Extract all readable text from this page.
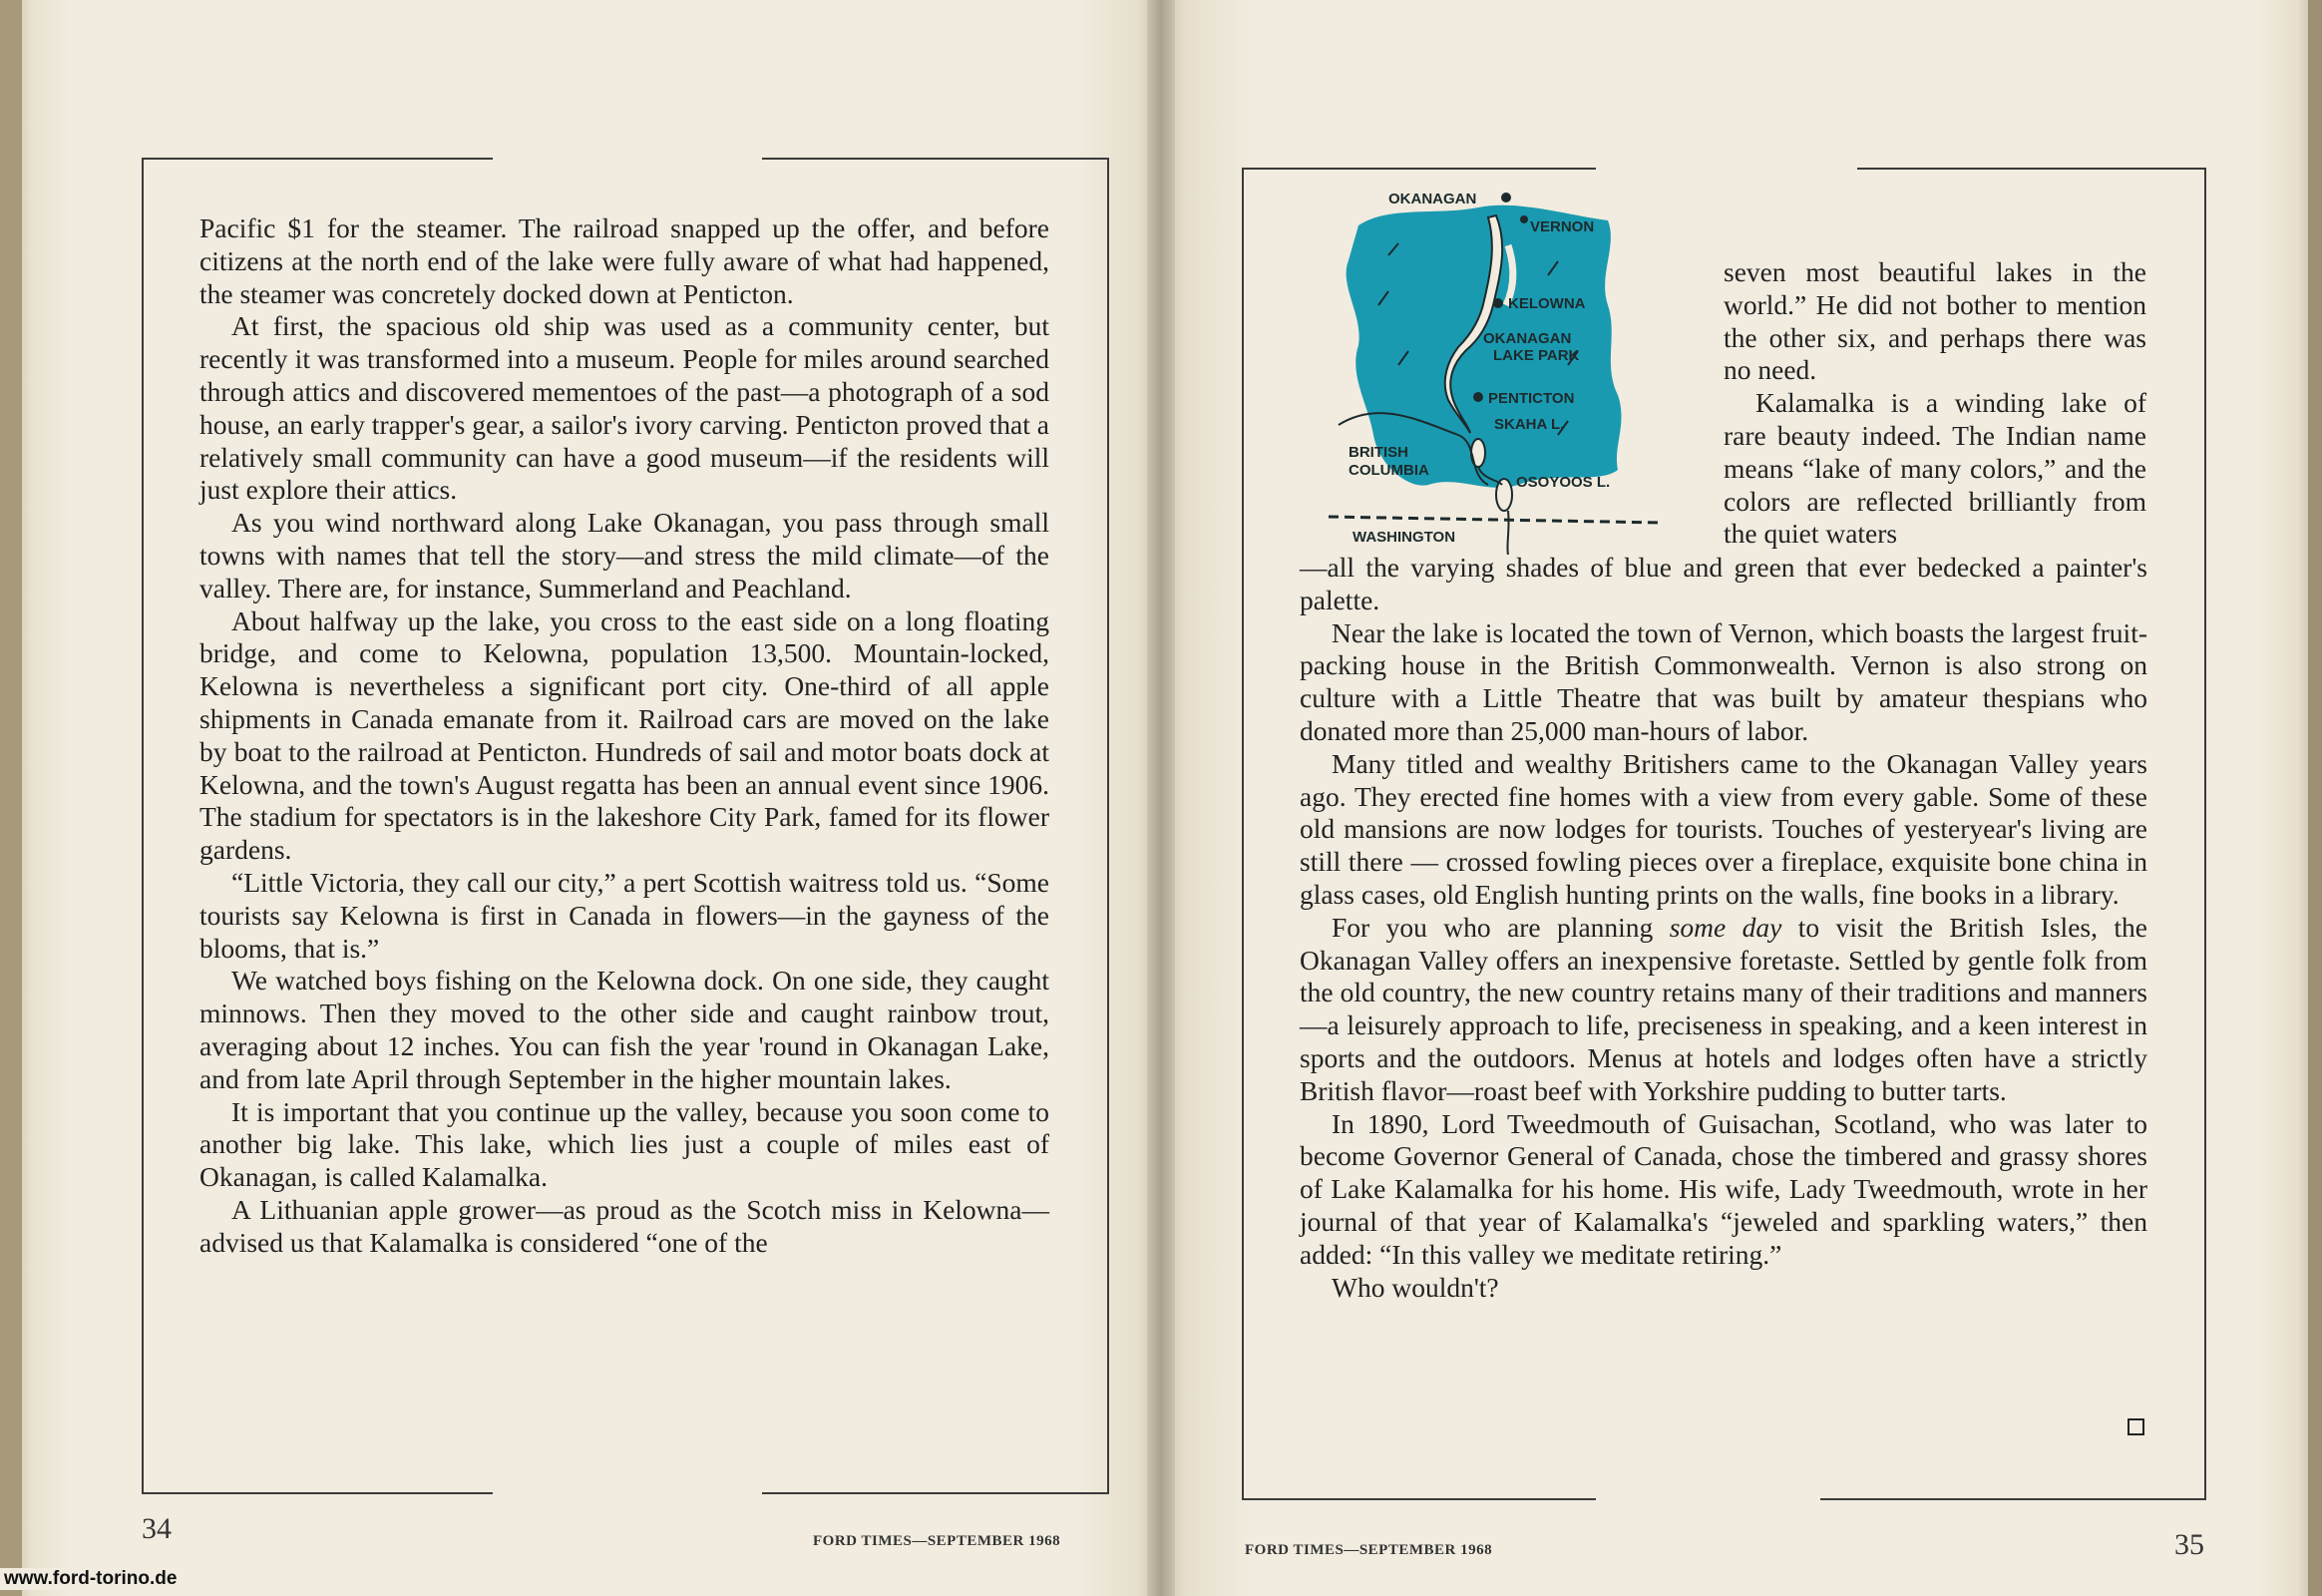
Pacific $1 for the steamer. The railroad snapped up the offer, and before citizens at the north end of the lake were fully aware of what had happened, the steamer was concretely docked down at Penticton.

At first, the spacious old ship was used as a community center, but recently it was transformed into a museum. People for miles around searched through attics and discovered mementoes of the past—a photograph of a sod house, an early trapper's gear, a sailor's ivory carving. Penticton proved that a relatively small community can have a good museum—if the residents will just explore their attics.

As you wind northward along Lake Okanagan, you pass through small towns with names that tell the story—and stress the mild climate—of the valley. There are, for instance, Summerland and Peachland.

About halfway up the lake, you cross to the east side on a long floating bridge, and come to Kelowna, population 13,500. Mountain-locked, Kelowna is nevertheless a significant port city. One-third of all apple shipments in Canada emanate from it. Railroad cars are moved on the lake by boat to the railroad at Penticton. Hundreds of sail and motor boats dock at Kelowna, and the town's August regatta has been an annual event since 1906. The stadium for spectators is in the lakeshore City Park, famed for its flower gardens.

“Little Victoria, they call our city,” a pert Scottish waitress told us. “Some tourists say Kelowna is first in Canada in flowers—in the gayness of the blooms, that is.”

We watched boys fishing on the Kelowna dock. On one side, they caught minnows. Then they moved to the other side and caught rainbow trout, averaging about 12 inches. You can fish the year 'round in Okanagan Lake, and from late April through September in the higher mountain lakes.

It is important that you continue up the valley, because you soon come to another big lake. This lake, which lies just a couple of miles east of Okanagan, is called Kalamalka.

A Lithuanian apple grower—as proud as the Scotch miss in Kelowna—advised us that Kalamalka is considered “one of the

OKANAGAN
VERNON
KELOWNA
OKANAGAN
LAKE PARK
PENTICTON
SKAHA L.
OSOYOOS L.
BRITISH
COLUMBIA
WASHINGTON

seven most beautiful lakes in the world.” He did not bother to mention the other six, and perhaps there was no need.

Kalamalka is a winding lake of rare beauty indeed. The Indian name means “lake of many colors,” and the colors are reflected brilliantly from the quiet waters

—all the varying shades of blue and green that ever bedecked a painter's palette.

Near the lake is located the town of Vernon, which boasts the largest fruit-packing house in the British Commonwealth. Vernon is also strong on culture with a Little Theatre that was built by amateur thespians who donated more than 25,000 man-hours of labor.

Many titled and wealthy Britishers came to the Okanagan Valley years ago. They erected fine homes with a view from every gable. Some of these old mansions are now lodges for tourists. Touches of yesteryear's living are still there — crossed fowling pieces over a fireplace, exquisite bone china in glass cases, old English hunting prints on the walls, fine books in a library.

For you who are planning some day to visit the British Isles, the Okanagan Valley offers an inexpensive foretaste. Settled by gentle folk from the old country, the new country retains many of their traditions and manners—a leisurely approach to life, preciseness in speaking, and a keen interest in sports and the outdoors. Menus at hotels and lodges often have a strictly British flavor—roast beef with Yorkshire pudding to butter tarts.

In 1890, Lord Tweedmouth of Guisachan, Scotland, who was later to become Governor General of Canada, chose the timbered and grassy shores of Lake Kalamalka for his home. His wife, Lady Tweedmouth, wrote in her journal of that year of Kalamalka's “jeweled and sparkling waters,” then added: “In this valley we meditate retiring.”

Who wouldn't?

34	FORD TIMES—SEPTEMBER 1968
FORD TIMES—SEPTEMBER 1968	35
www.ford-torino.de
